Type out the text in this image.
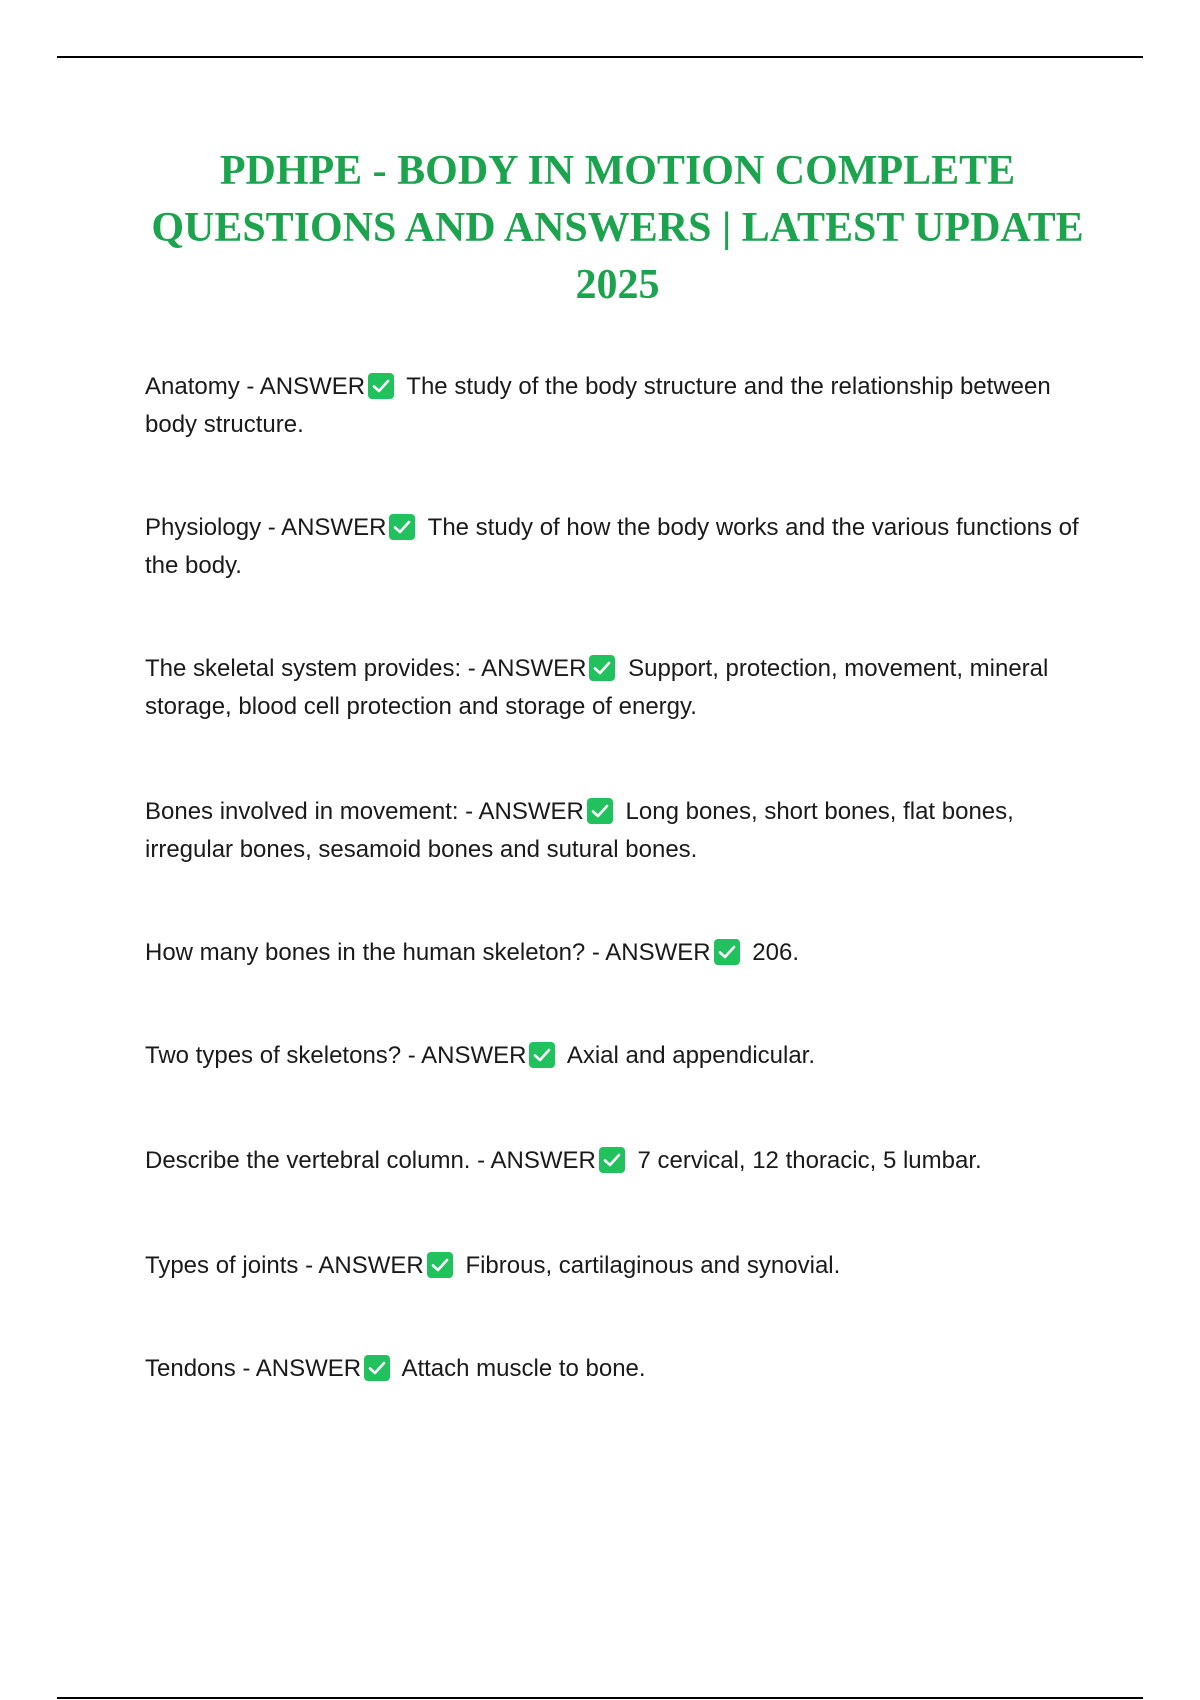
PDHPE - BODY IN MOTION COMPLETE QUESTIONS AND ANSWERS | LATEST UPDATE 2025
Anatomy - ANSWER The study of the body structure and the relationship between body structure.
Physiology - ANSWER The study of how the body works and the various functions of the body.
The skeletal system provides: - ANSWER Support, protection, movement, mineral storage, blood cell protection and storage of energy.
Bones involved in movement: - ANSWER Long bones, short bones, flat bones, irregular bones, sesamoid bones and sutural bones.
How many bones in the human skeleton? - ANSWER 206.
Two types of skeletons? - ANSWER Axial and appendicular.
Describe the vertebral column. - ANSWER 7 cervical, 12 thoracic, 5 lumbar.
Types of joints - ANSWER Fibrous, cartilaginous and synovial.
Tendons - ANSWER Attach muscle to bone.
